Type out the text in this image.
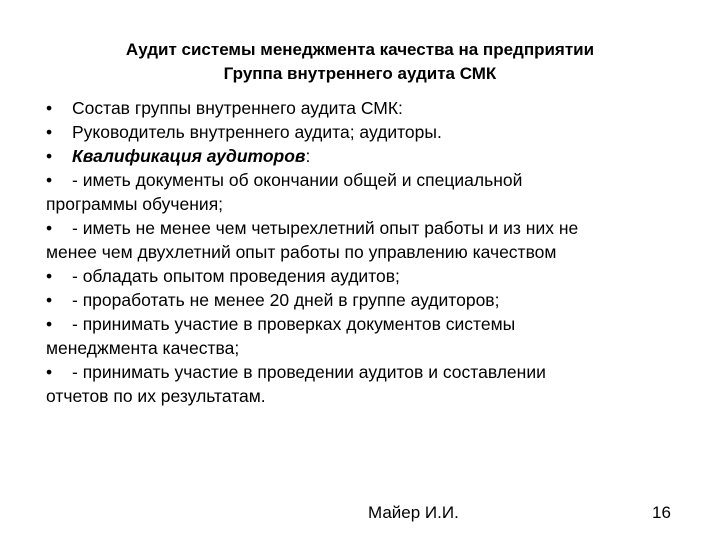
Аудит системы менеджмента качества на предприятии
Группа внутреннего аудита СМК
• Состав группы внутреннего аудита СМК:
• Руководитель внутреннего аудита; аудиторы.
• Квалификация аудиторов:
• - иметь документы об окончании общей и специальной
программы обучения;
• - иметь не менее чем четырехлетний опыт работы и из них не
менее чем двухлетний опыт работы по управлению качеством
• - обладать опытом проведения аудитов;
• - проработать не менее 20 дней в группе аудиторов;
• - принимать участие в проверках документов системы
менеджмента качества;
• - принимать участие в проведении аудитов и составлении
отчетов по их результатам.
Майер И.И.	16
